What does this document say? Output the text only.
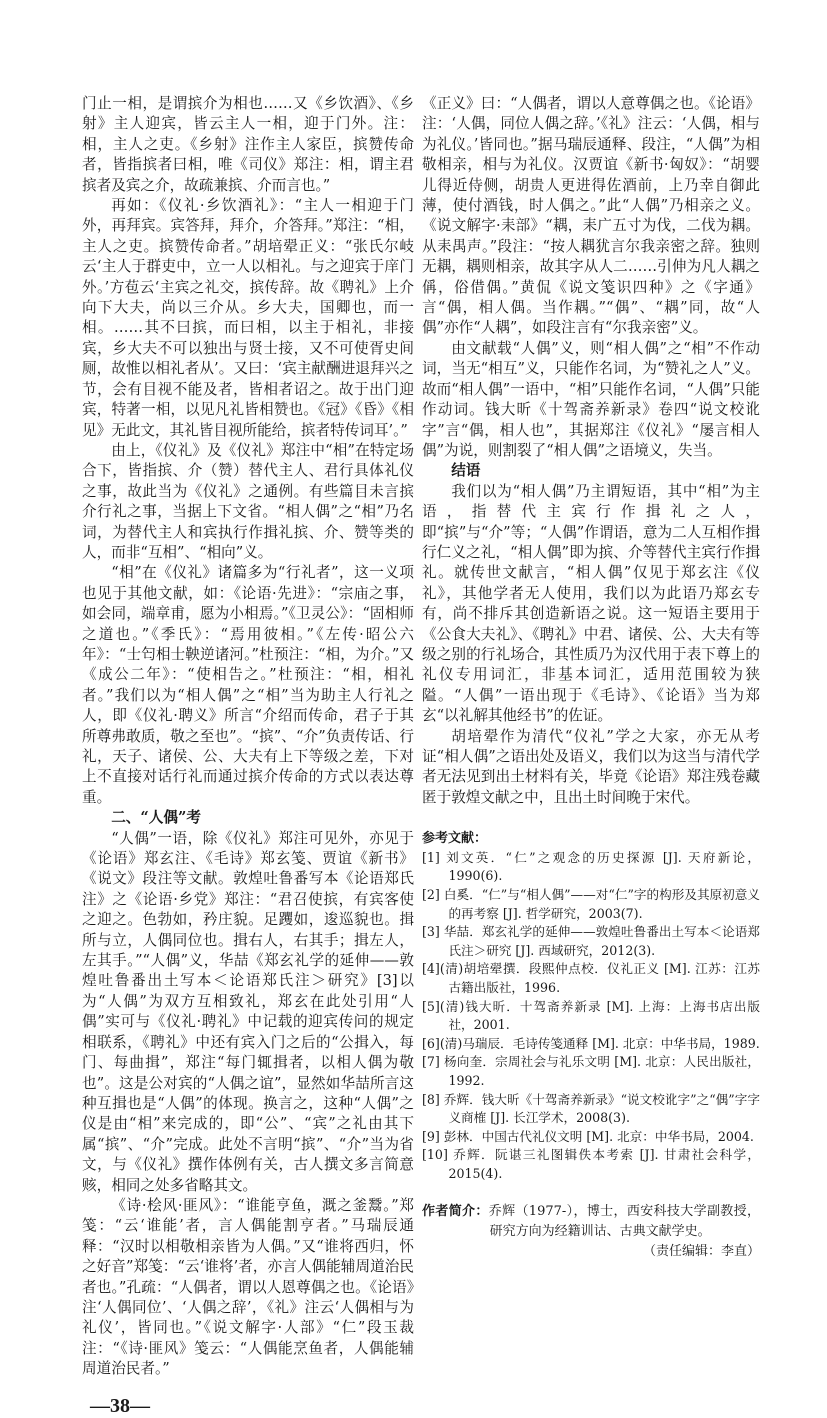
门止一相，是谓摈介为相也……又《乡饮酒》、《乡射》主人迎宾，皆云主人一相，迎于门外。注：相，主人之吏。《乡射》注作主人家臣，摈赞传命者，皆指摈者曰相，唯《司仪》郑注：相，谓主君摈者及宾之介，故疏兼摈、介而言也。”

再如：《仪礼·乡饮酒礼》：“主人一相迎于门外，再拜宾。宾答拜，拜介，介答拜。”郑注：“相，主人之吏。摈赞传命者。”胡培翚正义：“张氏尔岐云‘主人于群吏中，立一人以相礼。与之迎宾于庠门外。’方苞云‘主宾之礼交，摈传辞。故《聘礼》上介向下大夫，尚以三介从。乡大夫，国卿也，而一相。……其不曰摈，而曰相，以主于相礼，非接宾，乡大夫不可以独出与贤士接，又不可使胥史间厕，故惟以相礼者从’。又曰：‘宾主献酬进退拜兴之节，会有目视不能及者，皆相者诏之。故于出门迎宾，特著一相，以见凡礼皆相赞也。《冠》《昏》《相见》无此文，其礼皆目视所能给，摈者特传词耳’。”

由上，《仪礼》及《仪礼》郑注中“相”在特定场合下，皆指摈、介（赞）替代主人、君行具体礼仪之事，故此当为《仪礼》之通例。有些篇目未言摈介行礼之事，当据上下文省。“相人偶”之“相”乃名词，为替代主人和宾执行作揖礼摈、介、赞等类的人，而非“互相”、“相向”义。

“相”在《仪礼》诸篇多为“行礼者”，这一义项也见于其他文献，如：《论语·先进》：“宗庙之事，如会同，端章甫，愿为小相焉。”《卫灵公》：“固相师之道也。”《季氏》：“焉用彼相。”《左传·昭公六年》：“士匄相士鞅逆诸河。”杜预注：“相，为介。”又《成公二年》：“使相告之。”杜预注：“相，相礼者。”我们以为“相人偶”之“相”当为助主人行礼之人，即《仪礼·聘义》所言“介绍而传命，君子于其所尊弗敢质，敬之至也”。“摈”、“介”负责传话、行礼，天子、诸侯、公、大夫有上下等级之差，下对上不直接对话行礼而通过摈介传命的方式以表达尊重。

二、“人偶”考

“人偶”一语，除《仪礼》郑注可见外，亦见于《论语》郑玄注、《毛诗》郑玄笺、贾谊《新书》《说文》段注等文献。敦煌吐鲁番写本《论语郑氏注》之《论语·乡党》郑注：“君召使摈，有宾客使之迎之。色勃如，矜庄貌。足躩如，逡巡貌也。揖所与立，人偶同位也。揖右人，右其手；揖左人，左其手。”“人偶”义，华喆《郑玄礼学的延伸——敦煌吐鲁番出土写本＜论语郑氏注＞研究》[3]以为“人偶”为双方互相致礼，郑玄在此处引用“人偶”实可与《仪礼·聘礼》中记载的迎宾传问的规定相联系，《聘礼》中还有宾入门之后的“公揖入，每门、每曲揖”，郑注“每门辄揖者，以相人偶为敬也”。这是公对宾的“人偶之谊”，显然如华喆所言这种互揖也是“人偶”的体现。换言之，这种“人偶”之仪是由“相”来完成的，即“公”、“宾”之礼由其下属“摈”、“介”完成。此处不言明“摈”、“介”当为省文，与《仪礼》撰作体例有关，古人撰文多言简意赅，相同之处多省略其文。

《诗·桧风·匪风》：“谁能亨鱼，溉之釜鬵。”郑笺：“云‘谁能’者，言人偶能割亨者。”马瑞辰通释：“汉时以相敬相亲皆为人偶。”又“谁将西归，怀之好音”郑笺：“云‘谁将’者，亦言人偶能辅周道治民者也。”孔疏：“人偶者，谓以人恩尊偶之也。《论语》注‘人偶同位’、‘人偶之辞’，《礼》注云‘人偶相与为礼仪’，皆同也。”《说文解字·人部》“仁”段玉裁注：“《诗·匪风》笺云：“人偶能烹鱼者，人偶能辅周道治民者。”

—38—

《正义》曰：“人偶者，谓以人意尊偶之也。《论语》注：‘人偶，同位人偶之辞。’《礼》注云：‘人偶，相与为礼仪。’皆同也。”据马瑞辰通释、段注，“人偶”为相敬相亲，相与为礼仪。汉贾谊《新书·匈奴》：“胡婴儿得近侍侧，胡贵人更进得佐酒前，上乃幸自御此薄，使付酒钱，时人偶之。”此“人偶”乃相亲之义。《说文解字·耒部》“耦，耒广五寸为伐，二伐为耦。从耒禺声。”段注：“按人耦犹言尔我亲密之辞。独则无耦，耦则相亲，故其字从人二……引伸为凡人耦之偁，俗借偶。”黄侃《说文笺识四种》之《字通》言“偶，相人偶。当作耦。”“偶”、“耦”同，故“人偶”亦作“人耦”，如段注言有“尔我亲密”义。

由文献载“人偶”义，则“相人偶”之“相”不作动词，当无“相互”义，只能作名词，为“赞礼之人”义。故而“相人偶”一语中，“相”只能作名词，“人偶”只能作动词。钱大昕《十驾斋养新录》卷四“说文校讹字”言“偶，相人也”，其据郑注《仪礼》“屡言相人偶”为说，则割裂了“相人偶”之语境义，失当。

结语

我们以为“相人偶”乃主谓短语，其中“相”为主语，指替代主宾行作揖礼之人，即“摈”与“介”等；“人偶”作谓语，意为二人互相作揖行仁义之礼，“相人偶”即为摈、介等替代主宾行作揖礼。就传世文献言，“相人偶”仅见于郑玄注《仪礼》，其他学者无人使用，我们以为此语乃郑玄专有，尚不排斥其创造新语之说。这一短语主要用于《公食大夫礼》、《聘礼》中君、诸侯、公、大夫有等级之别的行礼场合，其性质乃为汉代用于表下尊上的礼仪专用词汇，非基本词汇，适用范围较为狭隘。“人偶”一语出现于《毛诗》、《论语》当为郑玄“以礼解其他经书”的佐证。

胡培翚作为清代“仪礼”学之大家，亦无从考证“相人偶”之语出处及语义，我们以为这当与清代学者无法见到出土材料有关，毕竟《论语》郑注残卷藏匿于敦煌文献之中，且出土时间晚于宋代。

参考文献：
[1] 刘文英．“仁”之观念的历史探源 [J]. 天府新论，1990(6).
[2] 白奚．“仁”与“相人偶”——对“仁”字的构形及其原初意义的再考察 [J]. 哲学研究，2003(7).
[3] 华喆．郑玄礼学的延伸——敦煌吐鲁番出土写本＜论语郑氏注＞研究 [J]. 西域研究，2012(3).
[4](清)胡培翚撰．段熙仲点校．仪礼正义 [M]. 江苏：江苏古籍出版社，1996.
[5](清)钱大昕．十驾斋养新录 [M]. 上海：上海书店出版社，2001.
[6](清)马瑞辰．毛诗传笺通释 [M]. 北京：中华书局，1989.
[7] 杨向奎．宗周社会与礼乐文明 [M]. 北京：人民出版社，1992.
[8] 乔辉．钱大昕《十驾斋养新录》“说文校讹字”之“偶”字字义商榷 [J]. 长江学术，2008(3).
[9] 彭林．中国古代礼仪文明 [M]. 北京：中华书局，2004.
[10] 乔辉．阮谌三礼图辑佚本考索 [J]. 甘肃社会科学，2015(4).
作者简介：乔辉（1977-），博士，西安科技大学副教授，研究方向为经籍训诂、古典文献学史。
（责任编辑：李直）
